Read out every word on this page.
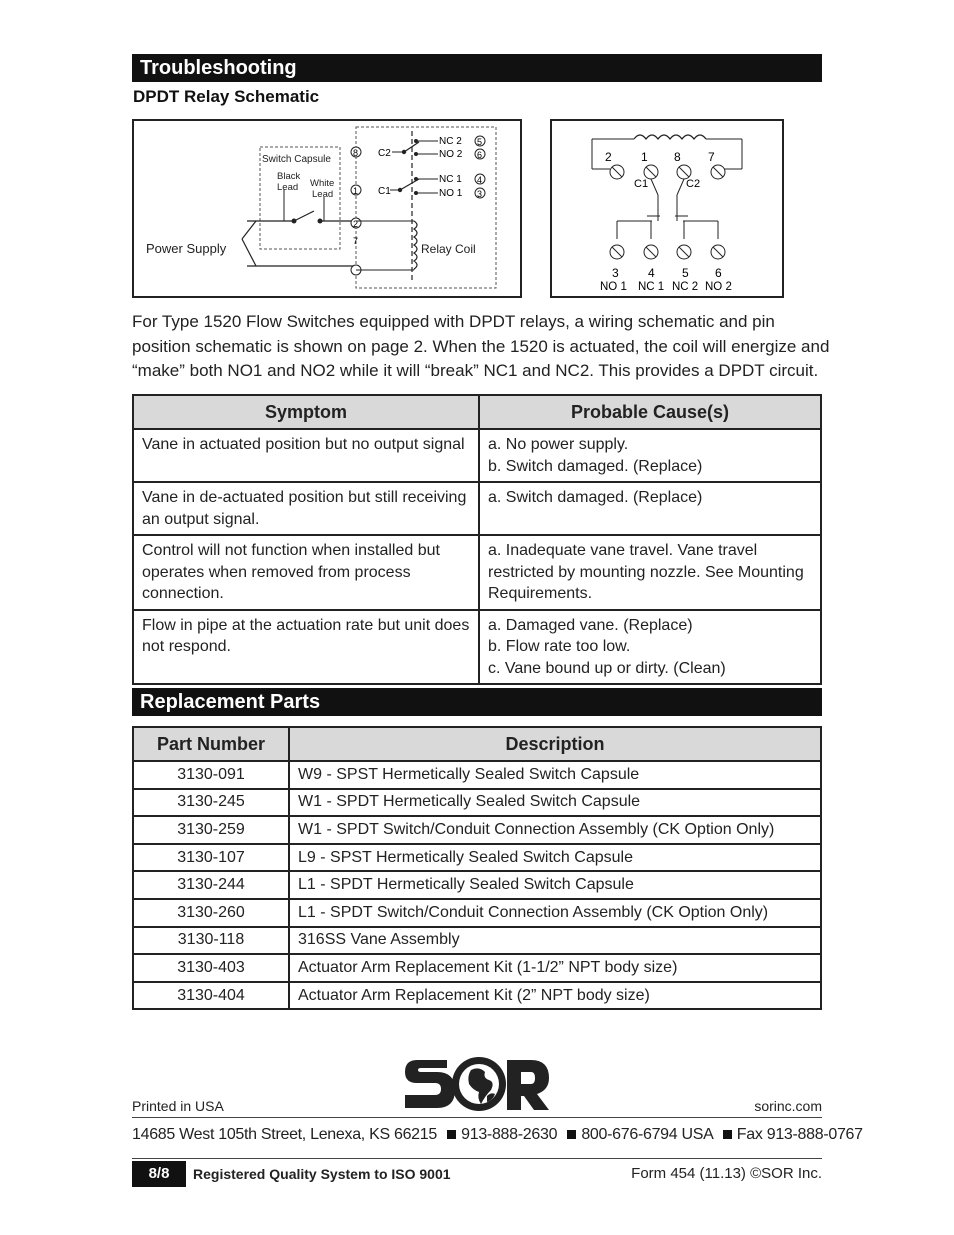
Troubleshooting
DPDT Relay Schematic
Switch Capsule
Black
Lead White
Lead
Power Supply
8
1
2
7
C2
C1
NC 2
NO 2
NC 1
NO 1
5
6
4
3
Relay Coil
2 1 8 7
C1	C2
3 4 5 6
NO 1 NC 1 NC 2 NO 2
For Type 1520 Flow Switches equipped with DPDT relays, a wiring schematic and pin position schematic is shown on page 2. When the 1520 is actuated, the coil will energize and “make” both NO1 and NO2 while it will “break” NC1 and NC2. This provides a DPDT circuit.
Symptom	Probable Cause(s)
Vane in actuated position but no output signal	a. No power supply.
b. Switch damaged. (Replace)

Vane in de-actuated position but still receiving an output signal.	a. Switch damaged. (Replace)

Control will not function when installed but operates when removed from process connection.	a. Inadequate vane travel. Vane travel restricted by mounting nozzle. See Mounting Requirements.

Flow in pipe at the actuation rate but unit does not respond.	a. Damaged vane. (Replace)
b. Flow rate too low.
c. Vane bound up or dirty. (Clean)
Replacement Parts
Part Number	Description
3130-091	W9 - SPST Hermetically Sealed Switch Capsule
3130-245	W1 - SPDT Hermetically Sealed Switch Capsule
3130-259	W1 - SPDT Switch/Conduit Connection Assembly (CK Option Only)
3130-107	L9 - SPST Hermetically Sealed Switch Capsule
3130-244	L1 - SPDT Hermetically Sealed Switch Capsule
3130-260	L1 - SPDT Switch/Conduit Connection Assembly (CK Option Only)
3130-118	316SS Vane Assembly
3130-403	Actuator Arm Replacement Kit (1-1/2” NPT body size)
3130-404	Actuator Arm Replacement Kit (2” NPT body size)
Printed in USA	sorinc.com
14685 West 105th Street, Lenexa, KS 66215 913-888-2630 800-676-6794 USA Fax 913-888-0767
8/8	Registered Quality System to ISO 9001	Form 454 (11.13) ©SOR Inc.
